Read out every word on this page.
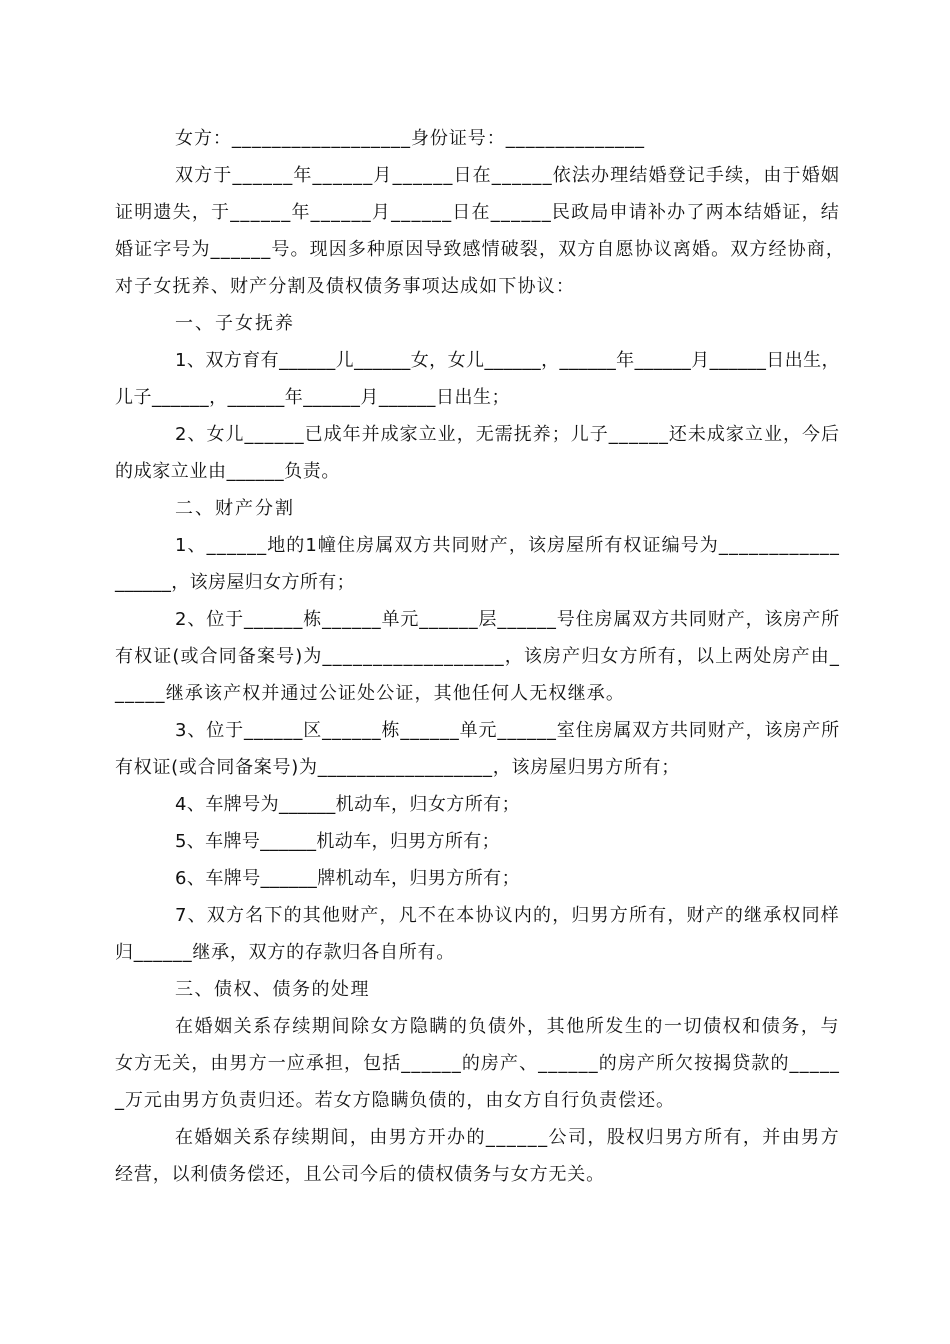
女方：__________________身份证号：______________
双方于______年______月______日在______依法办理结婚登记手续，由于婚姻
证明遗失，于______年______月______日在______民政局申请补办了两本结婚证，结
婚证字号为______号。现因多种原因导致感情破裂，双方自愿协议离婚。双方经协商，
对子女抚养、财产分割及债权债务事项达成如下协议：
一、子女抚养
1、双方育有______儿______女，女儿______，______年______月______日出生，
儿子______，______年______月______日出生；
2、女儿______已成年并成家立业，无需抚养；儿子______还未成家立业，今后
的成家立业由______负责。
二、财产分割
1、______地的1幢住房属双方共同财产，该房屋所有权证编号为____________
______，该房屋归女方所有；
2、位于______栋______单元______层______号住房属双方共同财产，该房产所
有权证(或合同备案号)为__________________，该房产归女方所有，以上两处房产由_
_____继承该产权并通过公证处公证，其他任何人无权继承。
3、位于______区______栋______单元______室住房属双方共同财产，该房产所
有权证(或合同备案号)为__________________，该房屋归男方所有；
4、车牌号为______机动车，归女方所有；
5、车牌号______机动车，归男方所有；
6、车牌号______牌机动车，归男方所有；
7、双方名下的其他财产，凡不在本协议内的，归男方所有，财产的继承权同样
归______继承，双方的存款归各自所有。
三、债权、债务的处理
在婚姻关系存续期间除女方隐瞒的负债外，其他所发生的一切债权和债务，与
女方无关，由男方一应承担，包括______的房产、______的房产所欠按揭贷款的_____
_万元由男方负责归还。若女方隐瞒负债的，由女方自行负责偿还。
在婚姻关系存续期间，由男方开办的______公司，股权归男方所有，并由男方
经营，以利债务偿还，且公司今后的债权债务与女方无关。
